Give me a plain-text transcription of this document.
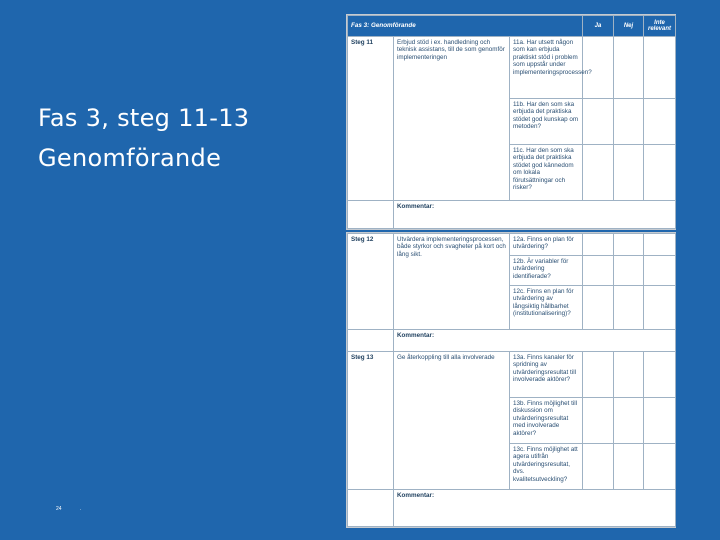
Fas 3, steg 11-13
Genomförande
24	.
Fas 3: Genomförande			Ja	Nej	Inte relevant
Steg 11	Erbjud stöd i ex. handledning och teknisk assistans, till de som genomför implementeringen	11a. Har utsett någon som kan erbjuda praktiskt stöd i problem som uppstår under implementeringsprocessen?			
		11b. Har den som ska erbjuda det praktiska stödet god kunskap om metoden?			
		11c. Har den som ska erbjuda det praktiska stödet god kännedom om lokala förutsättningar och risker?			
	Kommentar:				
Steg 12	Utvärdera implementeringsprocessen, både styrkor och svagheter på kort och lång sikt.	12a. Finns en plan för utvärdering?			
		12b. Är variabler för utvärdering identifierade?			
		12c. Finns en plan för utvärdering av långsiktig hållbarhet (institutionalisering)?			
	Kommentar:				
Steg 13	Ge återkoppling till alla involverade	13a. Finns kanaler för spridning av utvärderingsresultat till involverade aktörer?			
		13b. Finns möjlighet till diskussion om utvärderingsresultat med involverade aktörer?			
		13c. Finns möjlighet att agera utifrån utvärderingsresultat, dvs. kvalitetsutveckling?			
	Kommentar:				
